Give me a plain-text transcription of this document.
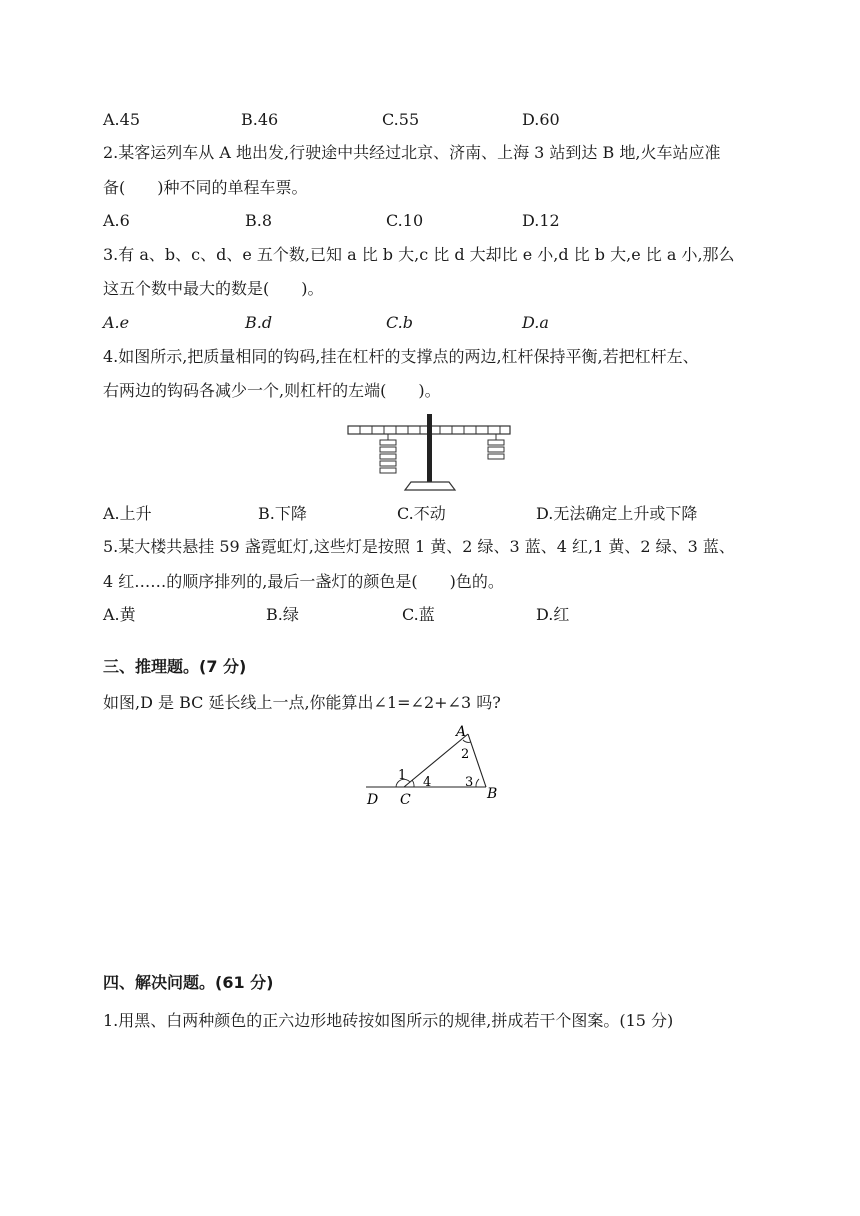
A.45	B.46	C.55	D.60
2.某客运列车从 A 地出发,行驶途中共经过北京、济南、上海 3 站到达 B 地,火车站应准
备(　　)种不同的单程车票。
A.6	B.8	C.10	D.12
3.有 a、b、c、d、e 五个数,已知 a 比 b 大,c 比 d 大却比 e 小,d 比 b 大,e 比 a 小,那么
这五个数中最大的数是(　　)。
A.e	B.d	C.b	D.a
4.如图所示,把质量相同的钩码,挂在杠杆的支撑点的两边,杠杆保持平衡,若把杠杆左、
右两边的钩码各减少一个,则杠杆的左端(　　)。
A.上升	B.下降	C.不动	D.无法确定上升或下降
5.某大楼共悬挂 59 盏霓虹灯,这些灯是按照 1 黄、2 绿、3 蓝、4 红,1 黄、2 绿、3 蓝、
4 红……的顺序排列的,最后一盏灯的颜色是(　　)色的。
A.黄	B.绿	C.蓝	D.红
三、推理题。(7 分)
如图,D 是 BC 延长线上一点,你能算出∠1=∠2+∠3 吗?
A
B
C
D
1
2
3
4
四、解决问题。(61 分)
1.用黑、白两种颜色的正六边形地砖按如图所示的规律,拼成若干个图案。(15 分)
